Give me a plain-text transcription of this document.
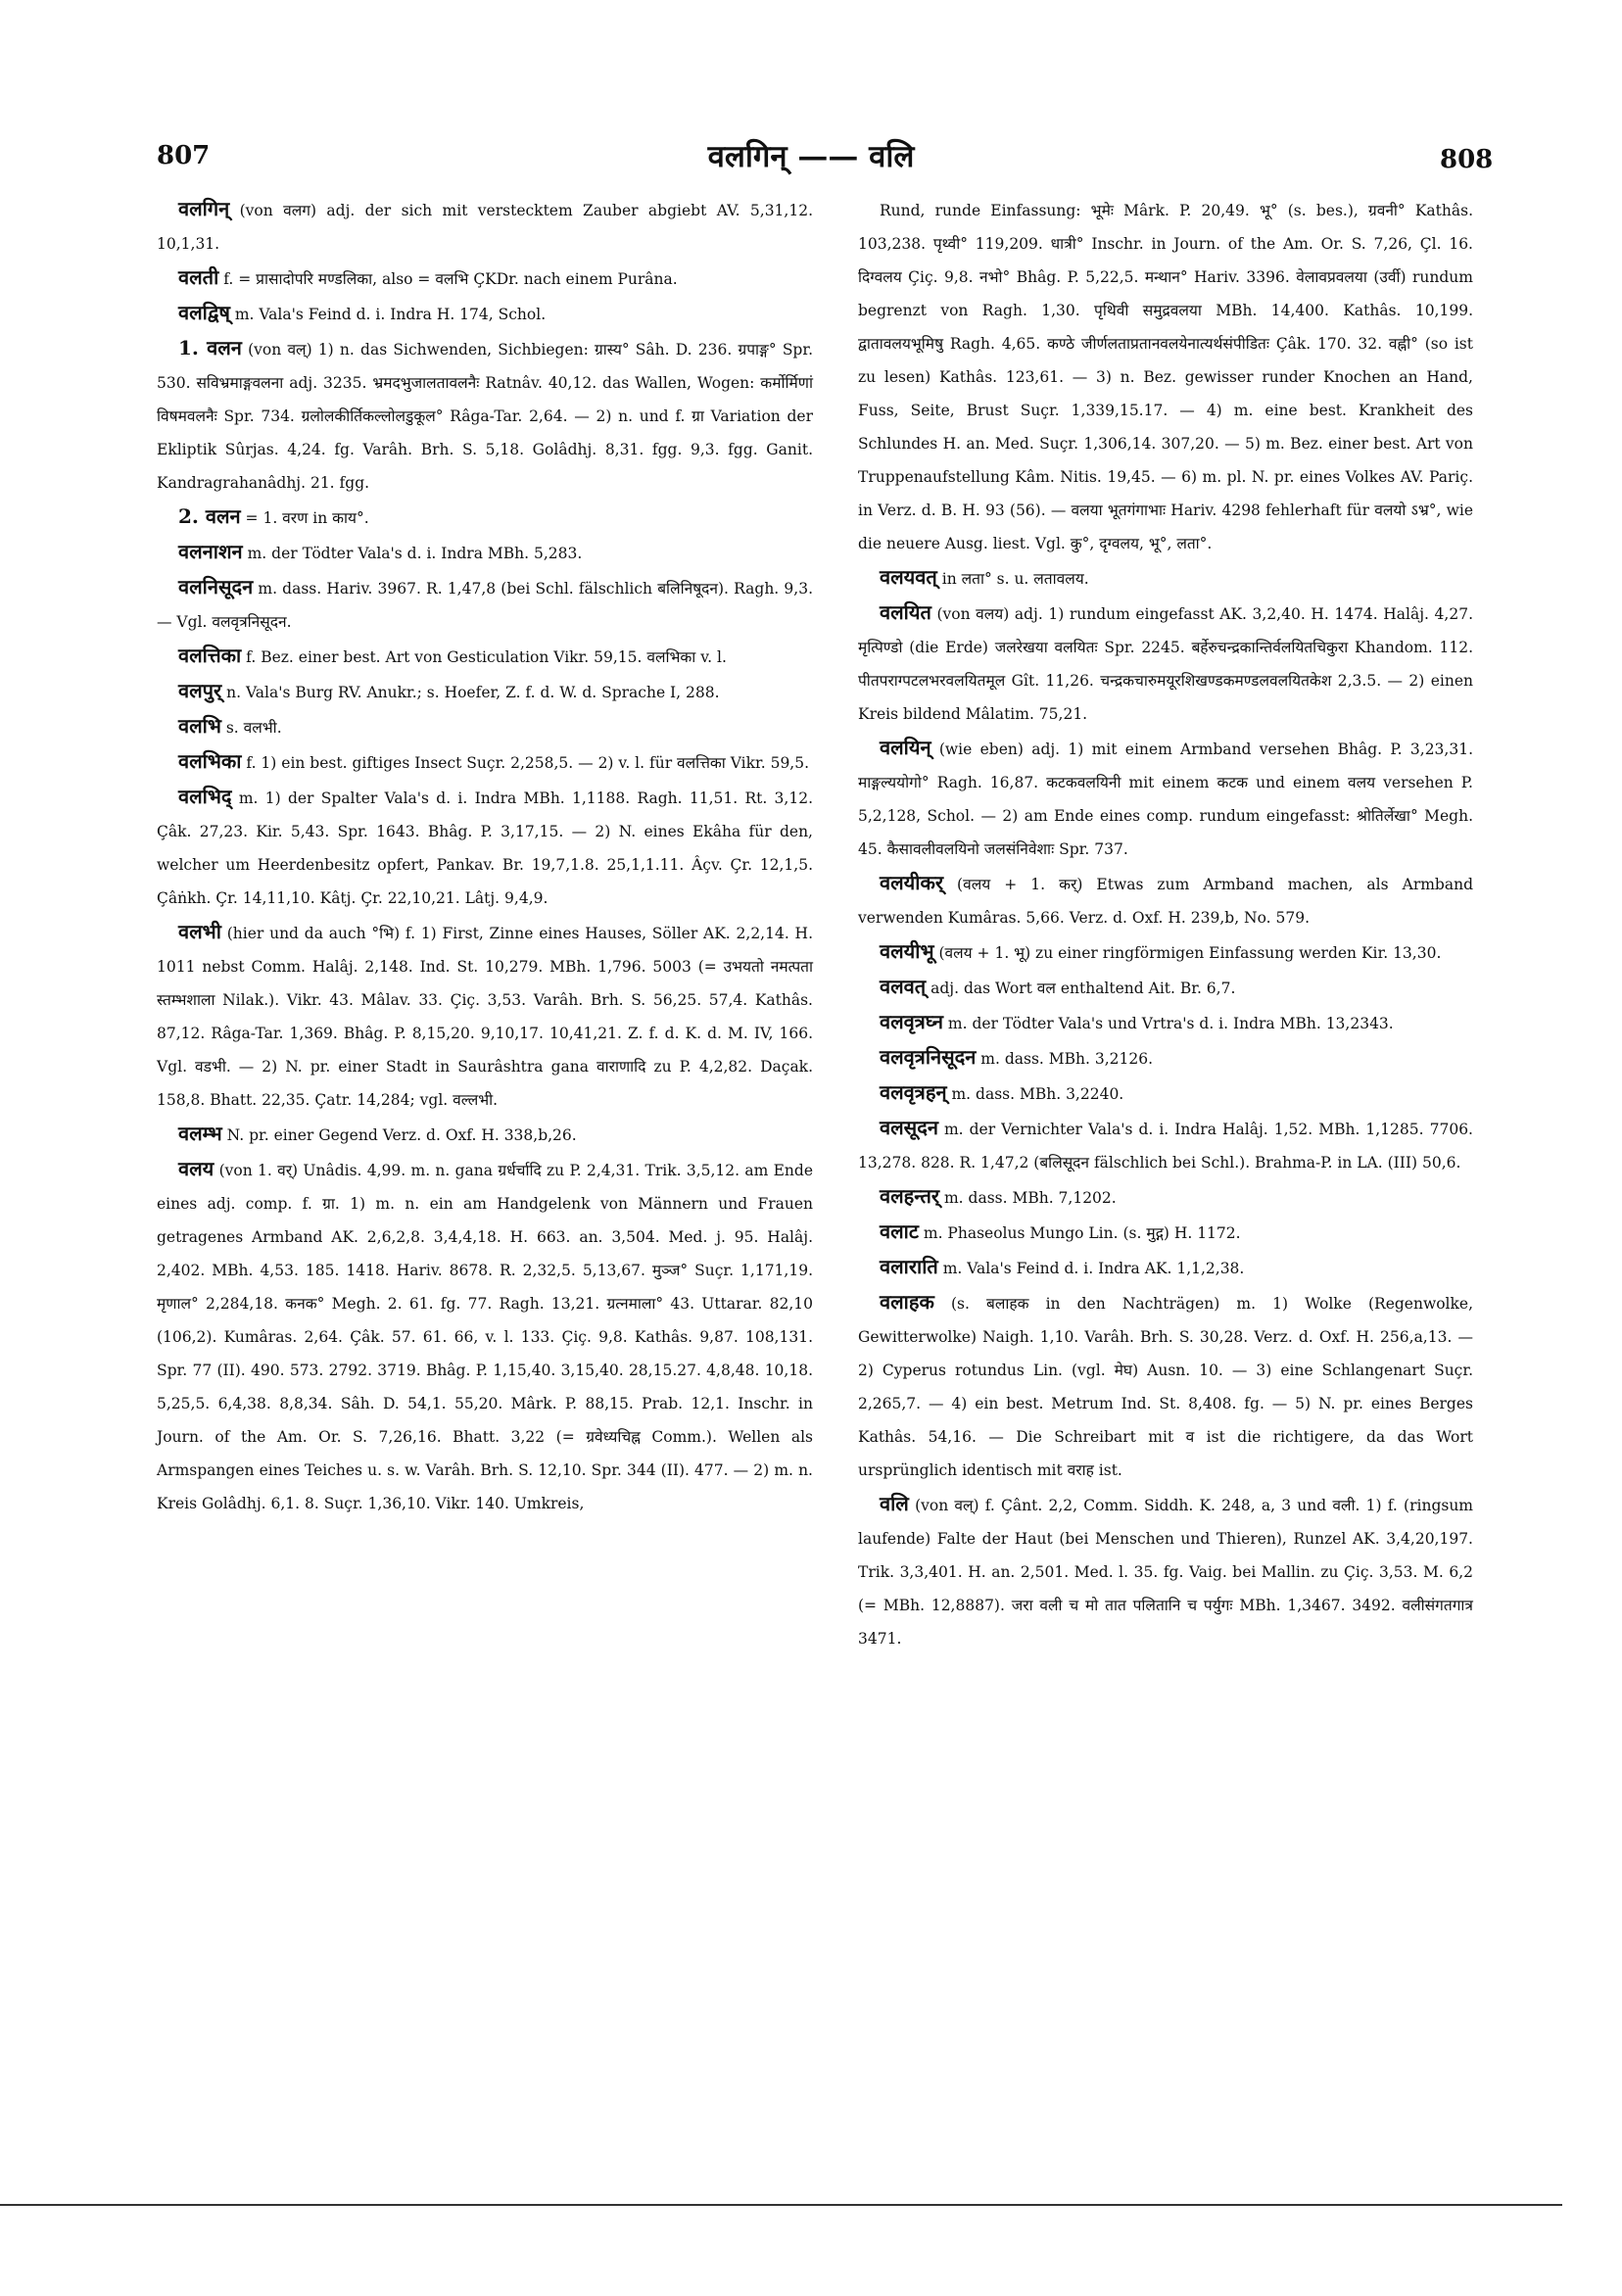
807	वलगिन् —— वलि	808

वलगिन् (von वलग) adj. der sich mit verstecktem Zauber abgiebt AV. 5,31,12. 10,1,31.

वलती f. = प्रासादोपरि मण्डलिका, also = वलभि ÇKDr. nach einem Purâna.

वलद्विष् m. Vala's Feind d. i. Indra H. 174, Schol.

1. वलन (von वल्) 1) n. das Sichwenden, Sichbiegen: ग्रास्य° Sâh. D. 236. ग्रपाङ्ग° Spr. 530. सविभ्रमाङ्गवलना adj. 3235. भ्रमदभुजालतावलनैः Ratnâv. 40,12. das Wallen, Wogen: कर्मोर्मिणां विषमवलनैः Spr. 734. ग्रलोलकीर्तिकल्लोलडुकूल° Râga-Tar. 2,64. — 2) n. und f. ग्रा Variation der Ekliptik Sûrjas. 4,24. fg. Varâh. Brh. S. 5,18. Golâdhj. 8,31. fgg. 9,3. fgg. Ganit. Kandragrahanâdhj. 21. fgg.

2. वलन = 1. वरण in काय°.

वलनाशन m. der Tödter Vala's d. i. Indra MBh. 5,283.

वलनिसूदन m. dass. Hariv. 3967. R. 1,47,8 (bei Schl. fälschlich बलिनिषूदन). Ragh. 9,3. — Vgl. वलवृत्रनिसूदन.

वलत्तिका f. Bez. einer best. Art von Gesticulation Vikr. 59,15. वलभिका v. l.

वलपुर् n. Vala's Burg RV. Anukr.; s. Hoefer, Z. f. d. W. d. Sprache I, 288.

वलभि s. वलभी.

वलभिका f. 1) ein best. giftiges Insect Suçr. 2,258,5. — 2) v. l. für वलत्तिका Vikr. 59,5.

वलभिद् m. 1) der Spalter Vala's d. i. Indra MBh. 1,1188. Ragh. 11,51. Rt. 3,12. Çâk. 27,23. Kir. 5,43. Spr. 1643. Bhâg. P. 3,17,15. — 2) N. eines Ekâha für den, welcher um Heerdenbesitz opfert, Pankav. Br. 19,7,1.8. 25,1,1.11. Âçv. Çr. 12,1,5. Çâṅkh. Çr. 14,11,10. Kâtj. Çr. 22,10,21. Lâtj. 9,4,9.

वलभी (hier und da auch °भि) f. 1) First, Zinne eines Hauses, Söller AK. 2,2,14. H. 1011 nebst Comm. Halâj. 2,148. Ind. St. 10,279. MBh. 1,796. 5003 (= उभयतो नमत्पता स्तम्भशाला Nilak.). Vikr. 43. Mâlav. 33. Çiç. 3,53. Varâh. Brh. S. 56,25. 57,4. Kathâs. 87,12. Râga-Tar. 1,369. Bhâg. P. 8,15,20. 9,10,17. 10,41,21. Z. f. d. K. d. M. IV, 166. Vgl. वडभी. — 2) N. pr. einer Stadt in Saurâshtra gana वाराणादि zu P. 4,2,82. Daçak. 158,8. Bhatt. 22,35. Çatr. 14,284; vgl. वल्लभी.

वलम्भ N. pr. einer Gegend Verz. d. Oxf. H. 338,b,26.

वलय (von 1. वर्) Unâdis. 4,99. m. n. gana ग्रर्धर्चादि zu P. 2,4,31. Trik. 3,5,12. am Ende eines adj. comp. f. ग्रा. 1) m. n. ein am Handgelenk von Männern und Frauen getragenes Armband AK. 2,6,2,8. 3,4,4,18. H. 663. an. 3,504. Med. j. 95. Halâj. 2,402. MBh. 4,53. 185. 1418. Hariv. 8678. R. 2,32,5. 5,13,67. मुञ्ज° Suçr. 1,171,19. मृणाल° 2,284,18. कनक° Megh. 2. 61. fg. 77. Ragh. 13,21. ग्रत्नमाला° 43. Uttarar. 82,10 (106,2). Kumâras. 2,64. Çâk. 57. 61. 66, v. l. 133. Çiç. 9,8. Kathâs. 9,87. 108,131. Spr. 77 (II). 490. 573. 2792. 3719. Bhâg. P. 1,15,40. 3,15,40. 28,15.27. 4,8,48. 10,18. 5,25,5. 6,4,38. 8,8,34. Sâh. D. 54,1. 55,20. Mârk. P. 88,15. Prab. 12,1. Inschr. in Journ. of the Am. Or. S. 7,26,16. Bhatt. 3,22 (= ग्रवेध्यचिह्न Comm.). Wellen als Armspangen eines Teiches u. s. w. Varâh. Brh. S. 12,10. Spr. 344 (II). 477. — 2) m. n. Kreis Golâdhj. 6,1. 8. Suçr. 1,36,10. Vikr. 140. Umkreis,

Rund, runde Einfassung: भूमेः Mârk. P. 20,49. भू° (s. bes.), ग्रवनी° Kathâs. 103,238. पृथ्वी° 119,209. धात्री° Inschr. in Journ. of the Am. Or. S. 7,26, Çl. 16. दिग्वलय Çiç. 9,8. नभो° Bhâg. P. 5,22,5. मन्थान° Hariv. 3396. वेलावप्रवलया (उर्वी) rundum begrenzt von Ragh. 1,30. पृथिवी समुद्रवलया MBh. 14,400. Kathâs. 10,199. द्वातावलयभूमिषु Ragh. 4,65. कण्ठे जीर्णलताप्रतानवलयेनात्यर्थसंपीडितः Çâk. 170. 32. वह्नी° (so ist zu lesen) Kathâs. 123,61. — 3) n. Bez. gewisser runder Knochen an Hand, Fuss, Seite, Brust Suçr. 1,339,15.17. — 4) m. eine best. Krankheit des Schlundes H. an. Med. Suçr. 1,306,14. 307,20. — 5) m. Bez. einer best. Art von Truppenaufstellung Kâm. Nitis. 19,45. — 6) m. pl. N. pr. eines Volkes AV. Pariç. in Verz. d. B. H. 93 (56). — वलया भूतगंगाभाः Hariv. 4298 fehlerhaft für वलयो ऽभ्र°, wie die neuere Ausg. liest. Vgl. कु°, दृग्वलय, भू°, लता°.

वलयवत् in लता° s. u. लतावलय.

वलयित (von वलय) adj. 1) rundum eingefasst AK. 3,2,40. H. 1474. Halâj. 4,27. मृत्पिण्डो (die Erde) जलरेखया वलयितः Spr. 2245. बर्हेरुचन्द्रकान्तिर्वलयितचिकुरा Khandom. 112. पीतपराग्पटलभरवलयितमूल Gît. 11,26. चन्द्रकचारुमयूरशिखण्डकमण्डलवलयितकेश 2,3.5. — 2) einen Kreis bildend Mâlatim. 75,21.

वलयिन् (wie eben) adj. 1) mit einem Armband versehen Bhâg. P. 3,23,31. माङ्गल्ययोगो° Ragh. 16,87. कटकवलयिनी mit einem कटक und einem वलय versehen P. 5,2,128, Schol. — 2) am Ende eines comp. rundum eingefasst: श्रोतिर्लेखा° Megh. 45. कैसावलीवलयिनो जलसंनिवेशाः Spr. 737.

वलयीकर् (वलय + 1. कर्) Etwas zum Armband machen, als Armband verwenden Kumâras. 5,66. Verz. d. Oxf. H. 239,b, No. 579.

वलयीभू (वलय + 1. भू) zu einer ringförmigen Einfassung werden Kir. 13,30.

वलवत् adj. das Wort वल enthaltend Ait. Br. 6,7.

वलवृत्रघ्न m. der Tödter Vala's und Vrtra's d. i. Indra MBh. 13,2343.

वलवृत्रनिसूदन m. dass. MBh. 3,2126.

वलवृत्रहन् m. dass. MBh. 3,2240.

वलसूदन m. der Vernichter Vala's d. i. Indra Halâj. 1,52. MBh. 1,1285. 7706. 13,278. 828. R. 1,47,2 (बलिसूदन fälschlich bei Schl.). Brahma-P. in LA. (III) 50,6.

वलहन्तर् m. dass. MBh. 7,1202.

वलाट m. Phaseolus Mungo Lin. (s. मुद्ग) H. 1172.

वलाराति m. Vala's Feind d. i. Indra AK. 1,1,2,38.

वलाहक (s. बलाहक in den Nachträgen) m. 1) Wolke (Regenwolke, Gewitterwolke) Naigh. 1,10. Varâh. Brh. S. 30,28. Verz. d. Oxf. H. 256,a,13. — 2) Cyperus rotundus Lin. (vgl. मेघ) Ausn. 10. — 3) eine Schlangenart Suçr. 2,265,7. — 4) ein best. Metrum Ind. St. 8,408. fg. — 5) N. pr. eines Berges Kathâs. 54,16. — Die Schreibart mit व ist die richtigere, da das Wort ursprünglich identisch mit वराह ist.

वलि (von वल्) f. Çânt. 2,2, Comm. Siddh. K. 248, a, 3 und वली. 1) f. (ringsum laufende) Falte der Haut (bei Menschen und Thieren), Runzel AK. 3,4,20,197. Trik. 3,3,401. H. an. 2,501. Med. l. 35. fg. Vaig. bei Mallin. zu Çiç. 3,53. M. 6,2 (= MBh. 12,8887). जरा वली च मो तात पलितानि च पर्युगः MBh. 1,3467. 3492. वलीसंगतगात्र 3471.
